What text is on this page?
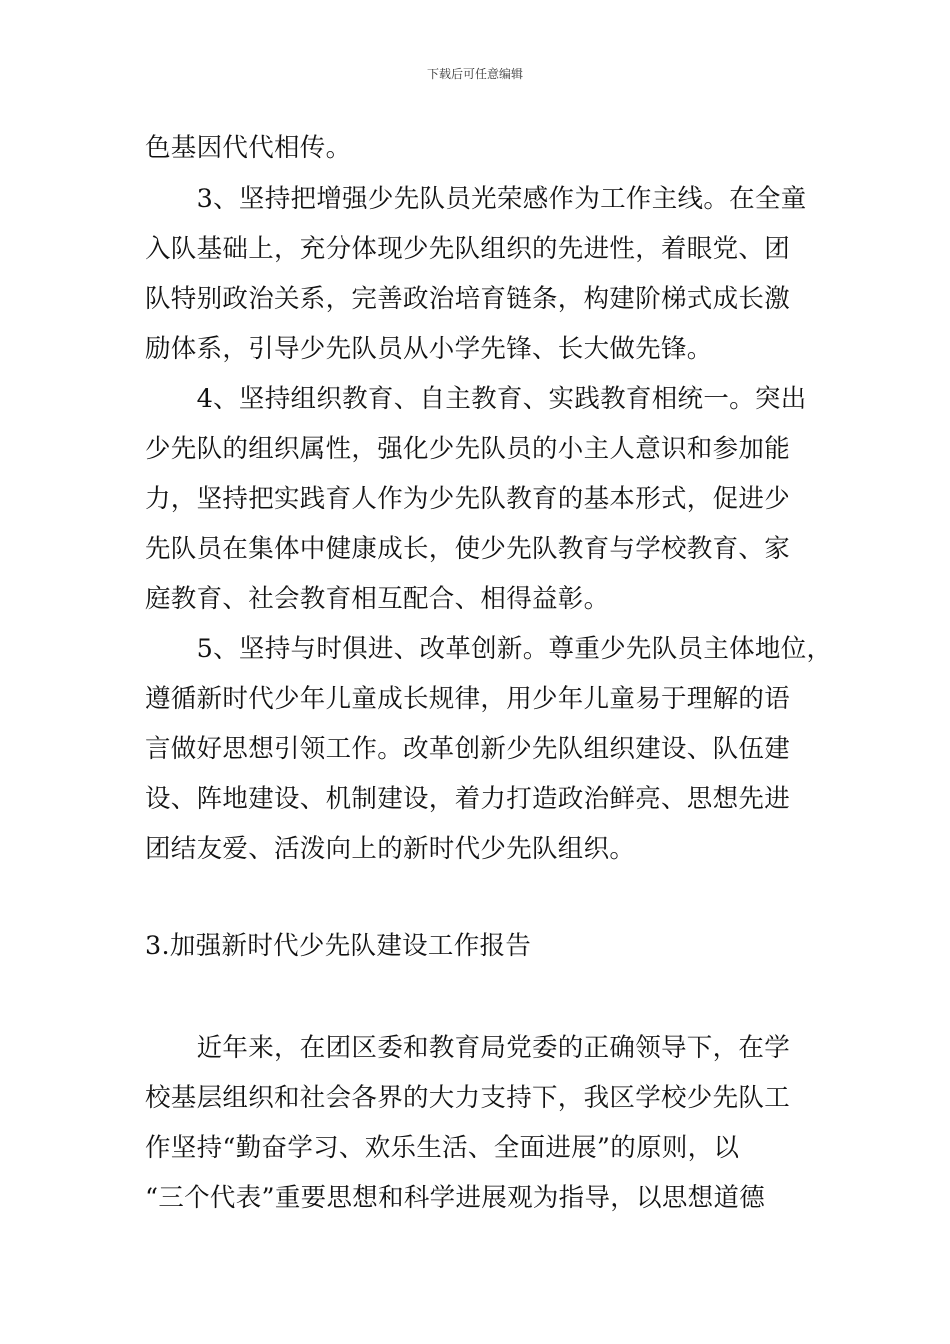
下载后可任意编辑
色基因代代相传。
　　3、坚持把增强少先队员光荣感作为工作主线。在全童
入队基础上，充分体现少先队组织的先进性，着眼党、团
队特别政治关系，完善政治培育链条，构建阶梯式成长激
励体系，引导少先队员从小学先锋、长大做先锋。
　　4、坚持组织教育、自主教育、实践教育相统一。突出
少先队的组织属性，强化少先队员的小主人意识和参加能
力，坚持把实践育人作为少先队教育的基本形式，促进少
先队员在集体中健康成长，使少先队教育与学校教育、家
庭教育、社会教育相互配合、相得益彰。
　　5、坚持与时俱进、改革创新。尊重少先队员主体地位，
遵循新时代少年儿童成长规律，用少年儿童易于理解的语
言做好思想引领工作。改革创新少先队组织建设、队伍建
设、阵地建设、机制建设，着力打造政治鲜亮、思想先进
团结友爱、活泼向上的新时代少先队组织。
3.加强新时代少先队建设工作报告
　　近年来，在团区委和教育局党委的正确领导下，在学
校基层组织和社会各界的大力支持下，我区学校少先队工
作坚持“勤奋学习、欢乐生活、全面进展”的原则，以
“三个代表”重要思想和科学进展观为指导，以思想道德
